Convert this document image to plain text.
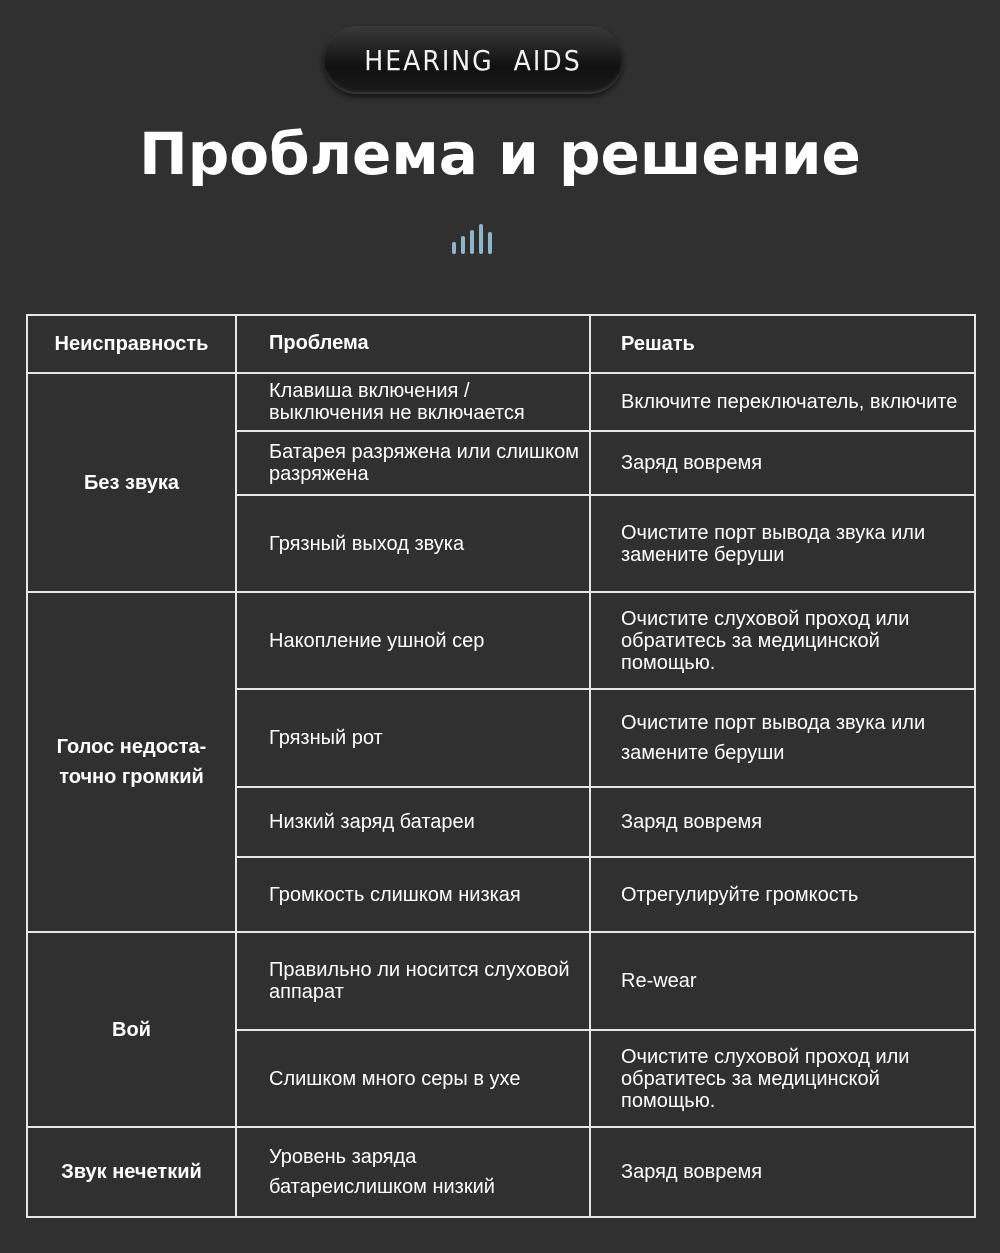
HEARING  AIDS
Проблема и решение
Неисправность	Проблема	Решать
Без звука	Клавиша включения / выключения не включается	Включите переключатель, включите
	Батарея разряжена или слишком разряжена	Заряд вовремя
	Грязный выход звука	Очистите порт вывода звука или замените беруши
Голос недоста-точно громкий	Накопление ушной сер	Очистите слуховой проход или обратитесь за медицинской помощью.
	Грязный рот	Очистите порт вывода звука или замените беруши
	Низкий заряд батареи	Заряд вовремя
	Громкость слишком низкая	Отрегулируйте громкость
Вой	Правильно ли носится слуховой аппарат	Re-wear
	Слишком много серы в ухе	Очистите слуховой проход или обратитесь за медицинской помощью.
Звук нечеткий	Уровень заряда батареислишком низкий	Заряд вовремя
